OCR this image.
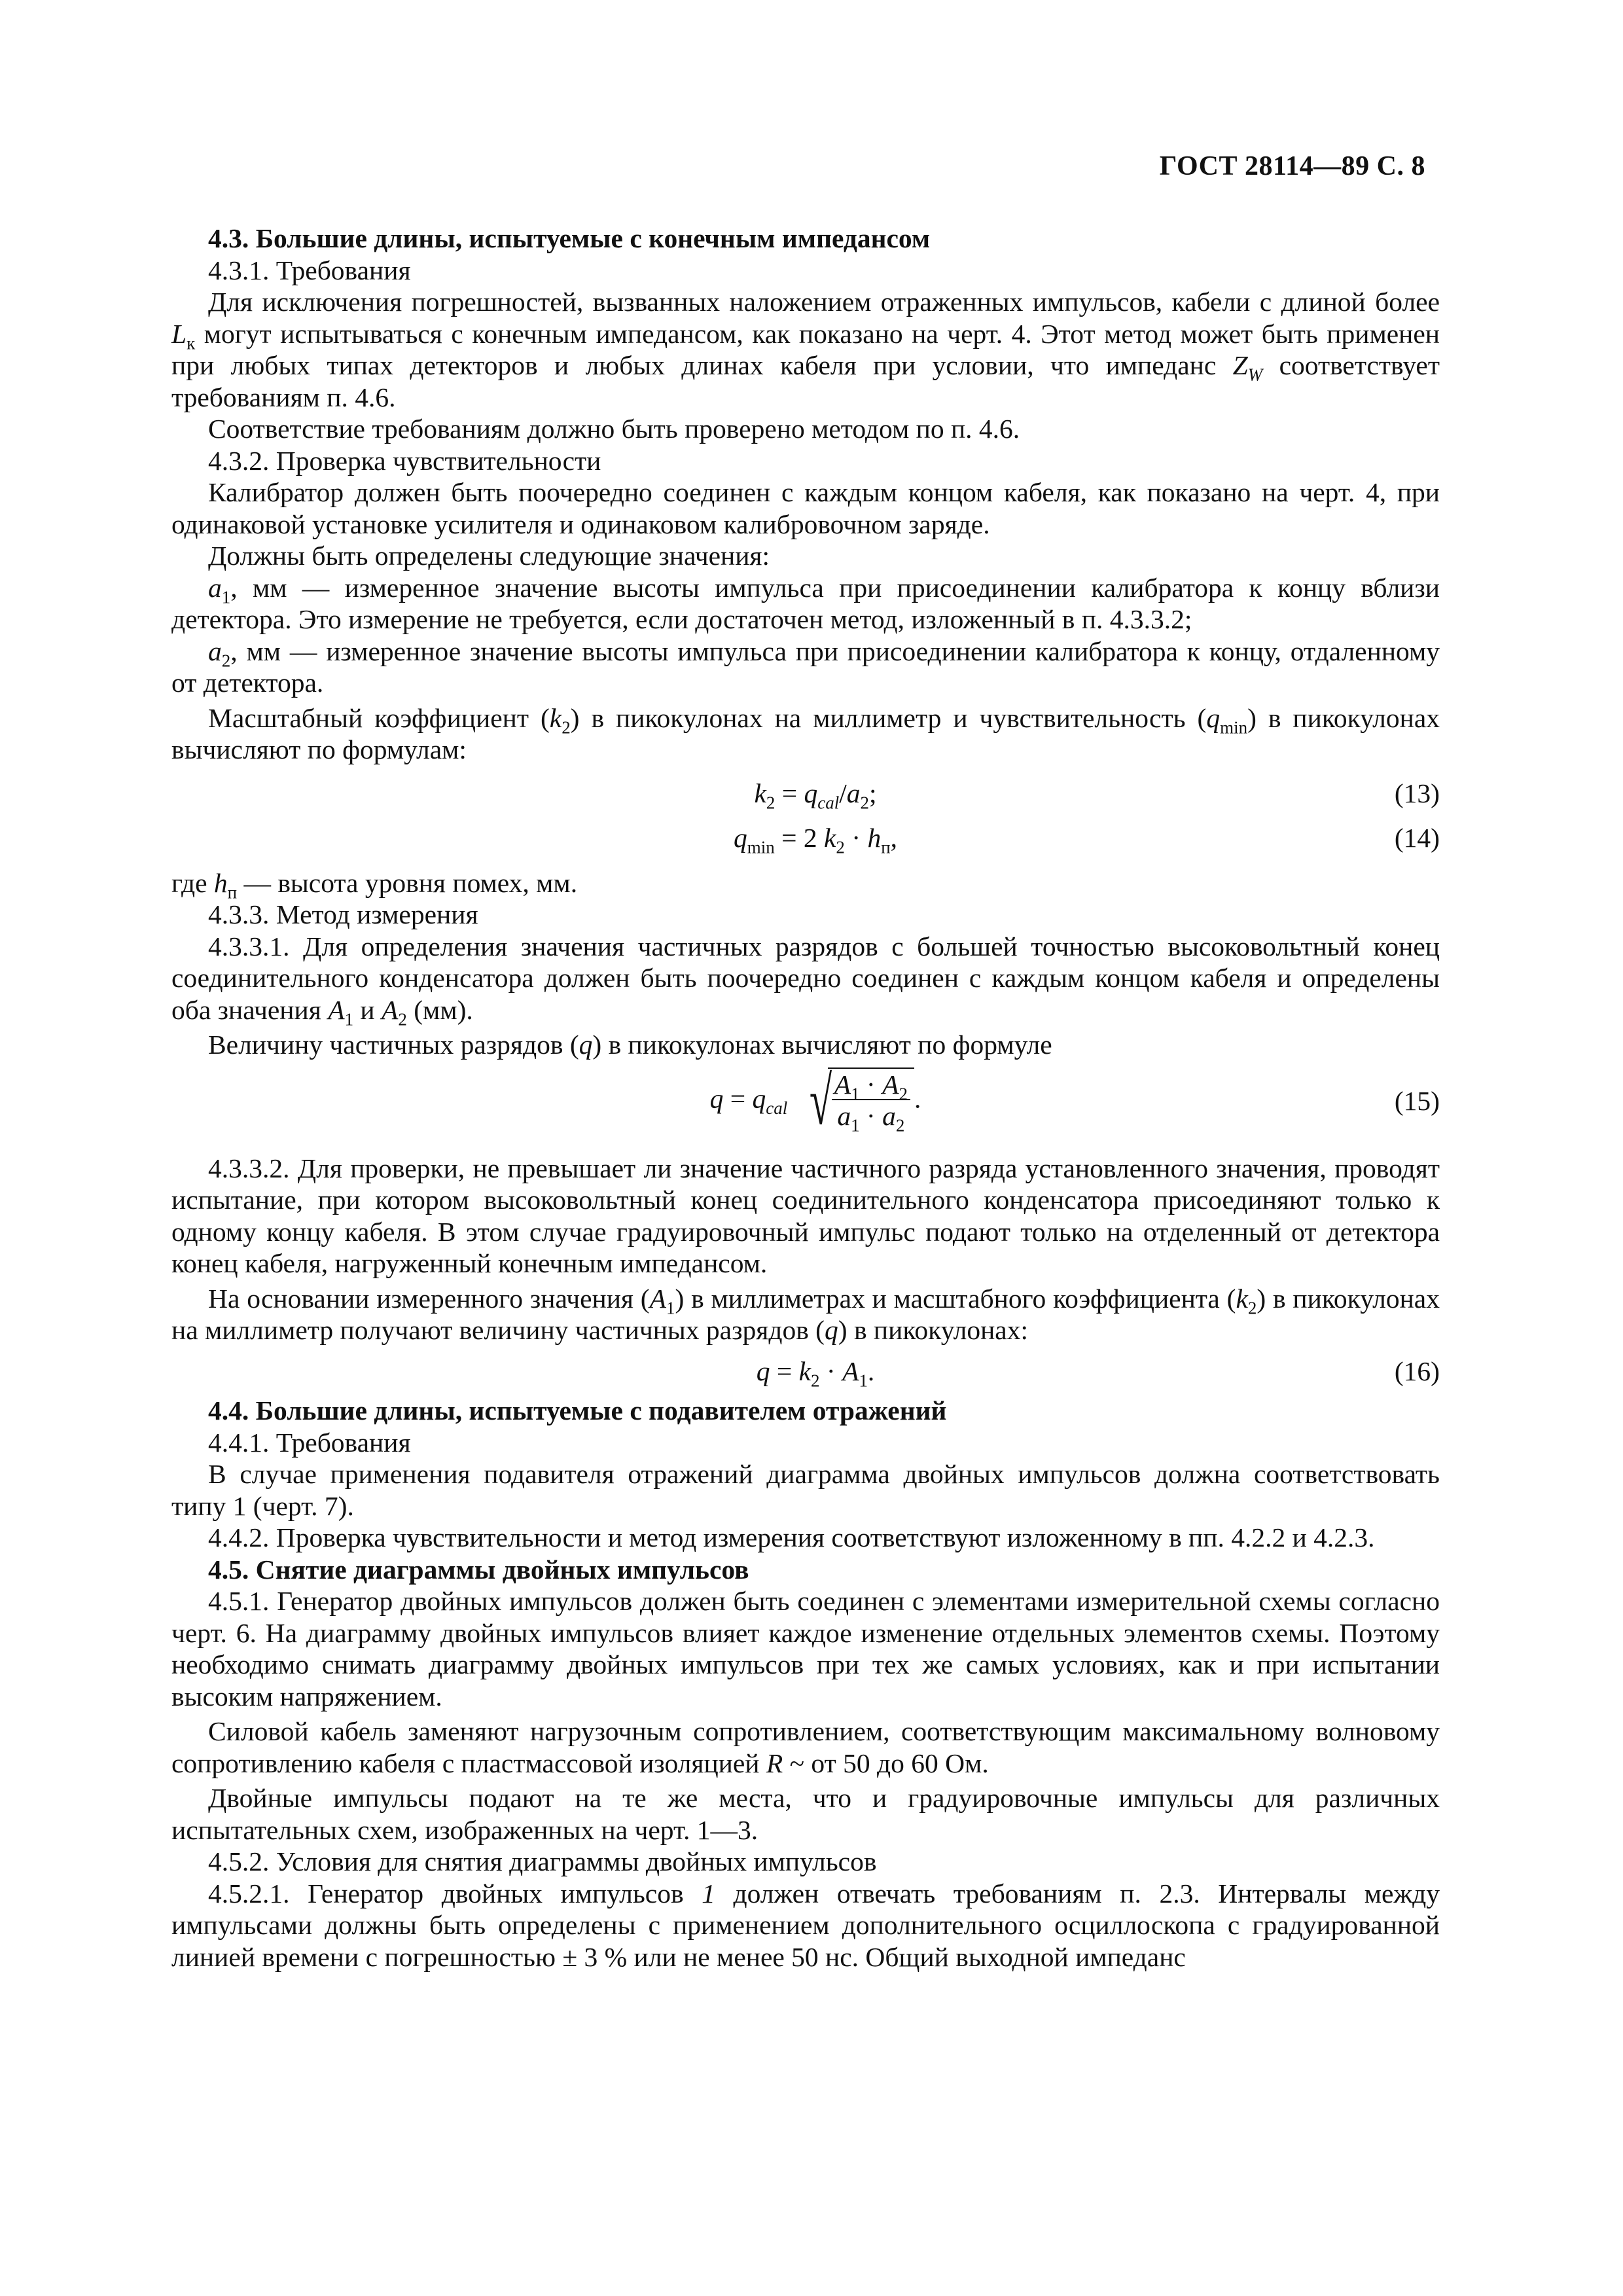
ГОСТ 28114—89 С. 8

4.3. Большие длины, испытуемые с конечным импедансом

4.3.1. Требования

Для исключения погрешностей, вызванных наложением отраженных импульсов, кабели с длиной более $L_к$ могут испытываться с конечным импедансом, как показано на черт. 4. Этот метод может быть применен при любых типах детекторов и любых длинах кабеля при условии, что импеданс $Z_W$ соответствует требованиям п. 4.6.

Соответствие требованиям должно быть проверено методом по п. 4.6.

4.3.2. Проверка чувствительности

Калибратор должен быть поочередно соединен с каждым концом кабеля, как показано на черт. 4, при одинаковой установке усилителя и одинаковом калибровочном заряде.

Должны быть определены следующие значения:

$a_1$, мм — измеренное значение высоты импульса при присоединении калибратора к концу вблизи детектора. Это измерение не требуется, если достаточен метод, изложенный в п. 4.3.3.2;

$a_2$, мм — измеренное значение высоты импульса при присоединении калибратора к концу, отдаленному от детектора.

Масштабный коэффициент $(k_2)$ в пикокулонах на миллиметр и чувствительность $(q_{min})$ в пикокулонах вычисляют по формулам:

$k_2 = q_{cal}/a_2$;	(13)
$q_{min} = 2$ $k_2 \cdot h_п$,	(14)

где $h_п$ — высота уровня помех, мм.

4.3.3. Метод измерения

4.3.3.1. Для определения значения частичных разрядов с большей точностью высоковольтный конец соединительного конденсатора должен быть поочередно соединен с каждым концом кабеля и определены оба значения $A_1$ и $A_2$ (мм).

Величину частичных разрядов (q) в пикокулонах вычисляют по формуле

$q = q_{cal}$ √
$\frac{A_1 \cdot A_2}{a_1 \cdot a_2}$ .	(15)

4.3.3.2. Для проверки, не превышает ли значение частичного разряда установленного значения, проводят испытание, при котором высоковольтный конец соединительного конденсатора присоединяют только к одному концу кабеля. В этом случае градуировочный импульс подают только на отделенный от детектора конец кабеля, нагруженный конечным импедансом.

На основании измеренного значения $(A_1)$ в миллиметрах и масштабного коэффициента $(k_2)$ в пикокулонах на миллиметр получают величину частичных разрядов (q) в пикокулонах:

$q = k_2 \cdot A_1$.	(16)

4.4. Большие длины, испытуемые с подавителем отражений

4.4.1. Требования

В случае применения подавителя отражений диаграмма двойных импульсов должна соответствовать типу 1 (черт. 7).

4.4.2. Проверка чувствительности и метод измерения соответствуют изложенному в пп. 4.2.2 и 4.2.3.

4.5. Снятие диаграммы двойных импульсов

4.5.1. Генератор двойных импульсов должен быть соединен с элементами измерительной схемы согласно черт. 6. На диаграмму двойных импульсов влияет каждое изменение отдельных элементов схемы. Поэтому необходимо снимать диаграмму двойных импульсов при тех же самых условиях, как и при испытании высоким напряжением.

Силовой кабель заменяют нагрузочным сопротивлением, соответствующим максимальному волновому сопротивлению кабеля с пластмассовой изоляцией R ~ от 50 до 60 Ом.

Двойные импульсы подают на те же места, что и градуировочные импульсы для различных испытательных схем, изображенных на черт. 1—3.

4.5.2. Условия для снятия диаграммы двойных импульсов

4.5.2.1. Генератор двойных импульсов 1 должен отвечать требованиям п. 2.3. Интервалы между импульсами должны быть определены с применением дополнительного осциллоскопа с градуированной линией времени с погрешностью ± 3 % или не менее 50 нс. Общий выходной импеданс
